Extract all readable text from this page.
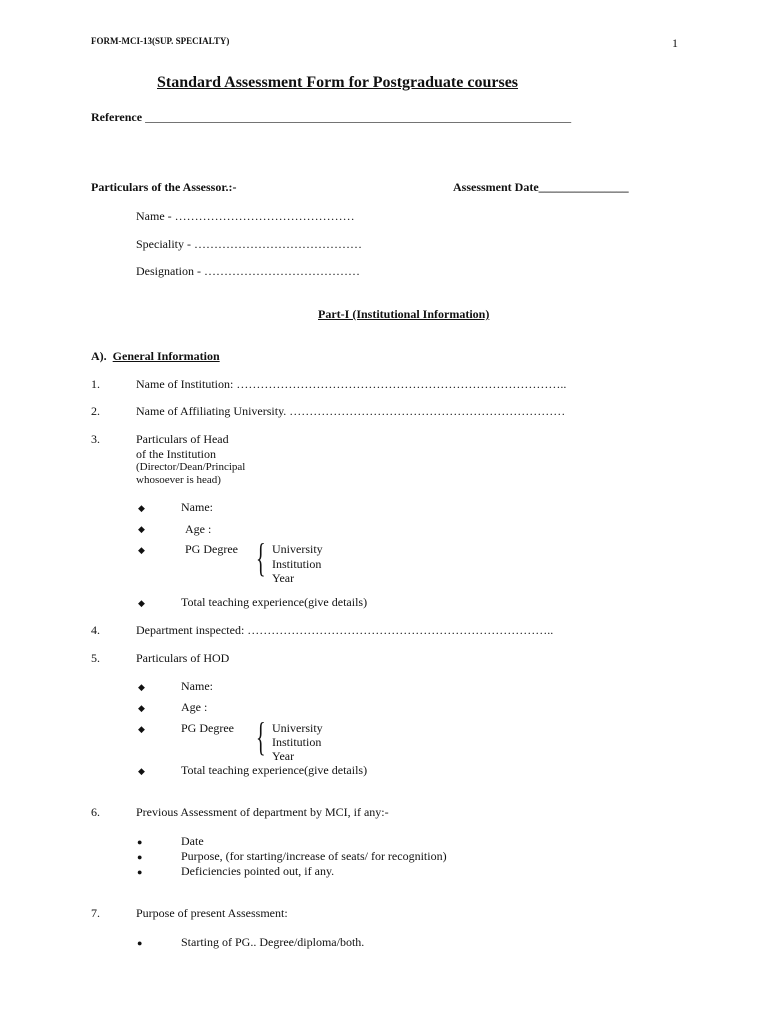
FORM-MCI-13(SUP. SPECIALTY)	1
Standard Assessment Form for Postgraduate courses
Reference _______________________________________________________________________
Particulars of the Assessor.:-	Assessment Date_______________
Name - ………………………………………
Speciality - ……………………………………
Designation - …………………………………
Part-I (Institutional Information)
A). General Information
1.	Name of Institution: ………………………………………………………………………..
2.	Name of Affiliating University. ……………………………………………………………
3.	Particulars of Head
of the Institution
(Director/Dean/Principal
whosoever is head)
◆	Name:
◆	Age :
◆	PG Degree { University
Institution
Year
◆	Total teaching experience(give details)
4.	Department inspected: …………………………………………………………………..
5.	Particulars of HOD
◆	Name:
◆	Age :
◆	PG Degree { University
Institution
Year
◆	Total teaching experience(give details)
6.	Previous Assessment of department by MCI, if any:-
●	Date
●	Purpose, (for starting/increase of seats/ for recognition)
●	Deficiencies pointed out, if any.
7.	Purpose of present Assessment:
●	Starting of PG.. Degree/diploma/both.
